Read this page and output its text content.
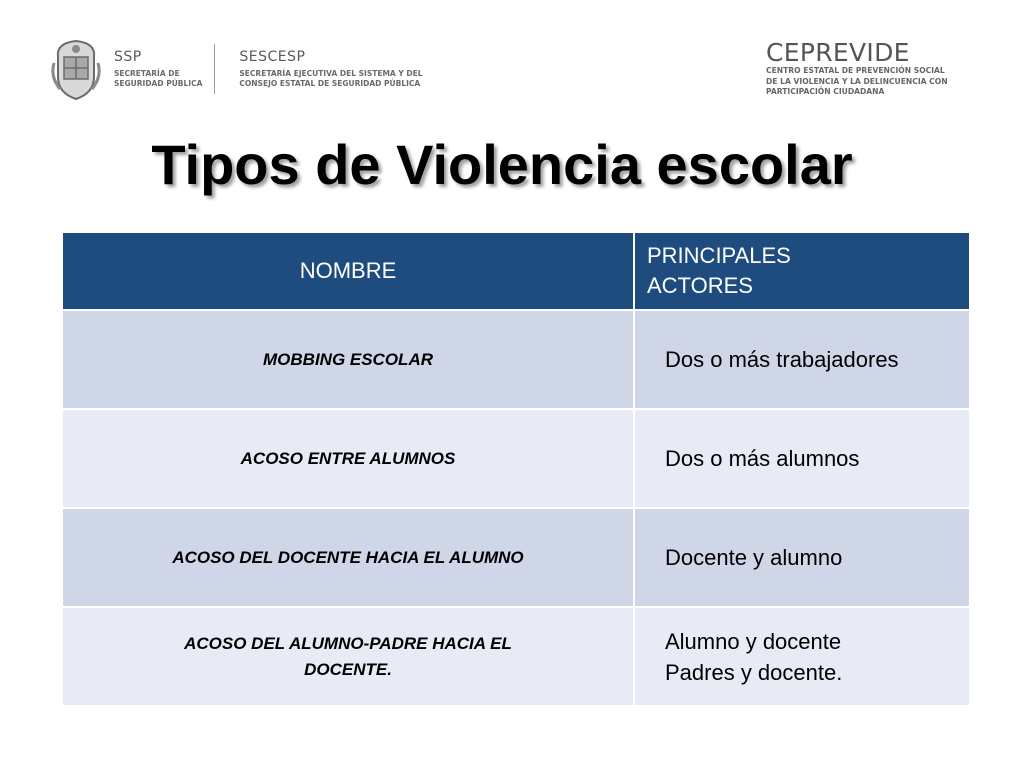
SSP
SECRETARÍA DE
SEGURIDAD PÚBLICA
SESCESP
SECRETARÍA EJECUTIVA DEL SISTEMA Y DEL
CONSEJO ESTATAL DE SEGURIDAD PÚBLICA
CEPREVIDE
CENTRO ESTATAL DE PREVENCIÓN SOCIAL
DE LA VIOLENCIA Y LA DELINCUENCIA CON
PARTICIPACIÓN CIUDADANA
Tipos de Violencia escolar
NOMBRE	PRINCIPALES
ACTORES

MOBBING ESCOLAR	Dos o más trabajadores

ACOSO ENTRE ALUMNOS	Dos o más alumnos

ACOSO DEL DOCENTE HACIA EL ALUMNO	Docente y alumno

ACOSO DEL ALUMNO-PADRE HACIA EL
DOCENTE.	Alumno y docente
Padres y docente.
